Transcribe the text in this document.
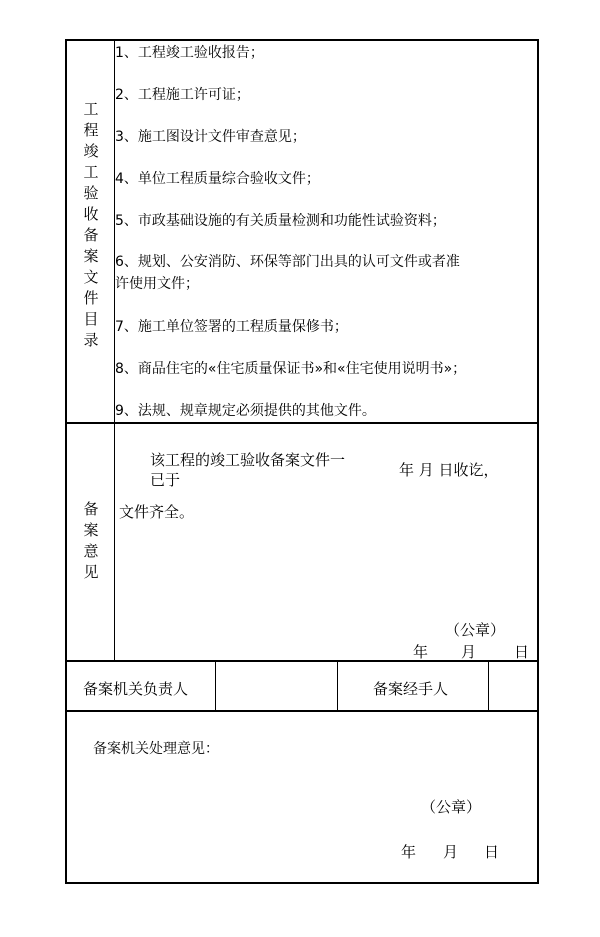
工
程
竣
工
验
收
备
案
文
件
目
录
1、工程竣工验收报告；
2、工程施工许可证；
3、施工图设计文件审查意见；
4、单位工程质量综合验收文件；
5、市政基础设施的有关质量检测和功能性试验资料；
6、规划、公安消防、环保等部门出具的认可文件或者准
许使用文件；
7、施工单位签署的工程质量保修书；
8、商品住宅的«住宅质量保证书»和«住宅使用说明书»；
9、法规、规章规定必须提供的其他文件。
备
案
意
见
该工程的竣工验收备案文件一
已于
年 月 日收讫，
文件齐全。
（公章）
年 月	日
备案机关负责人	备案经手人
备案机关处理意见：
（公章）
年 月 日
